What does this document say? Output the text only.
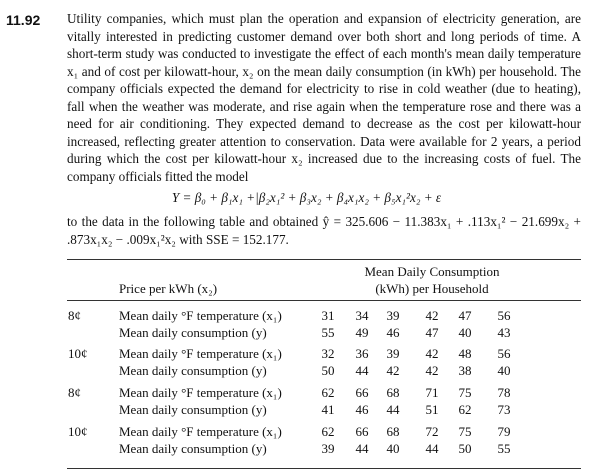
11.92 Utility companies, which must plan the operation and expansion of electricity generation, are vitally interested in predicting customer demand over both short and long periods of time. A short-term study was conducted to investigate the effect of each month's mean daily temperature x₁ and of cost per kilowatt-hour, x₂ on the mean daily consumption (in kWh) per household. The company officials expected the demand for electricity to rise in cold weather (due to heating), fall when the weather was moderate, and rise again when the temperature rose and there was a need for air conditioning. They expected demand to decrease as the cost per kilowatt-hour increased, reflecting greater attention to conservation. Data were available for 2 years, a period during which the cost per kilowatt-hour x₂ increased due to the increasing costs of fuel. The company officials fitted the model

Y = β₀ + β₁x₁ +|β₂x₁² + β₃x₂ + β₄x₁x₂ + β₅x₁²x₂ + ε

to the data in the following table and obtained ŷ = 325.606 − 11.383x₁ + .113x₁² − 21.699x₂ + .873x₁x₂ − .009x₁²x₂ with SSE = 152.177.

Mean Daily Consumption
(kWh) per Household
Price per kWh (x₂)
8¢	Mean daily °F temperature (x₁)	31	34	39	42	47	56
Mean daily consumption (y)	55	49	46	47	40	43
10¢ Mean daily °F temperature (x₁)	32	36	39	42	48	56
Mean daily consumption (y)	50	44	42	42	38	40
8¢	Mean daily °F temperature (x₁)	62	66	68	71	75	78
Mean daily consumption (y)	41	46	44	51	62	73
10¢ Mean daily °F temperature (x₁)	62	66	68	72	75	79
Mean daily consumption (y)	39	44	40	44	50	55
